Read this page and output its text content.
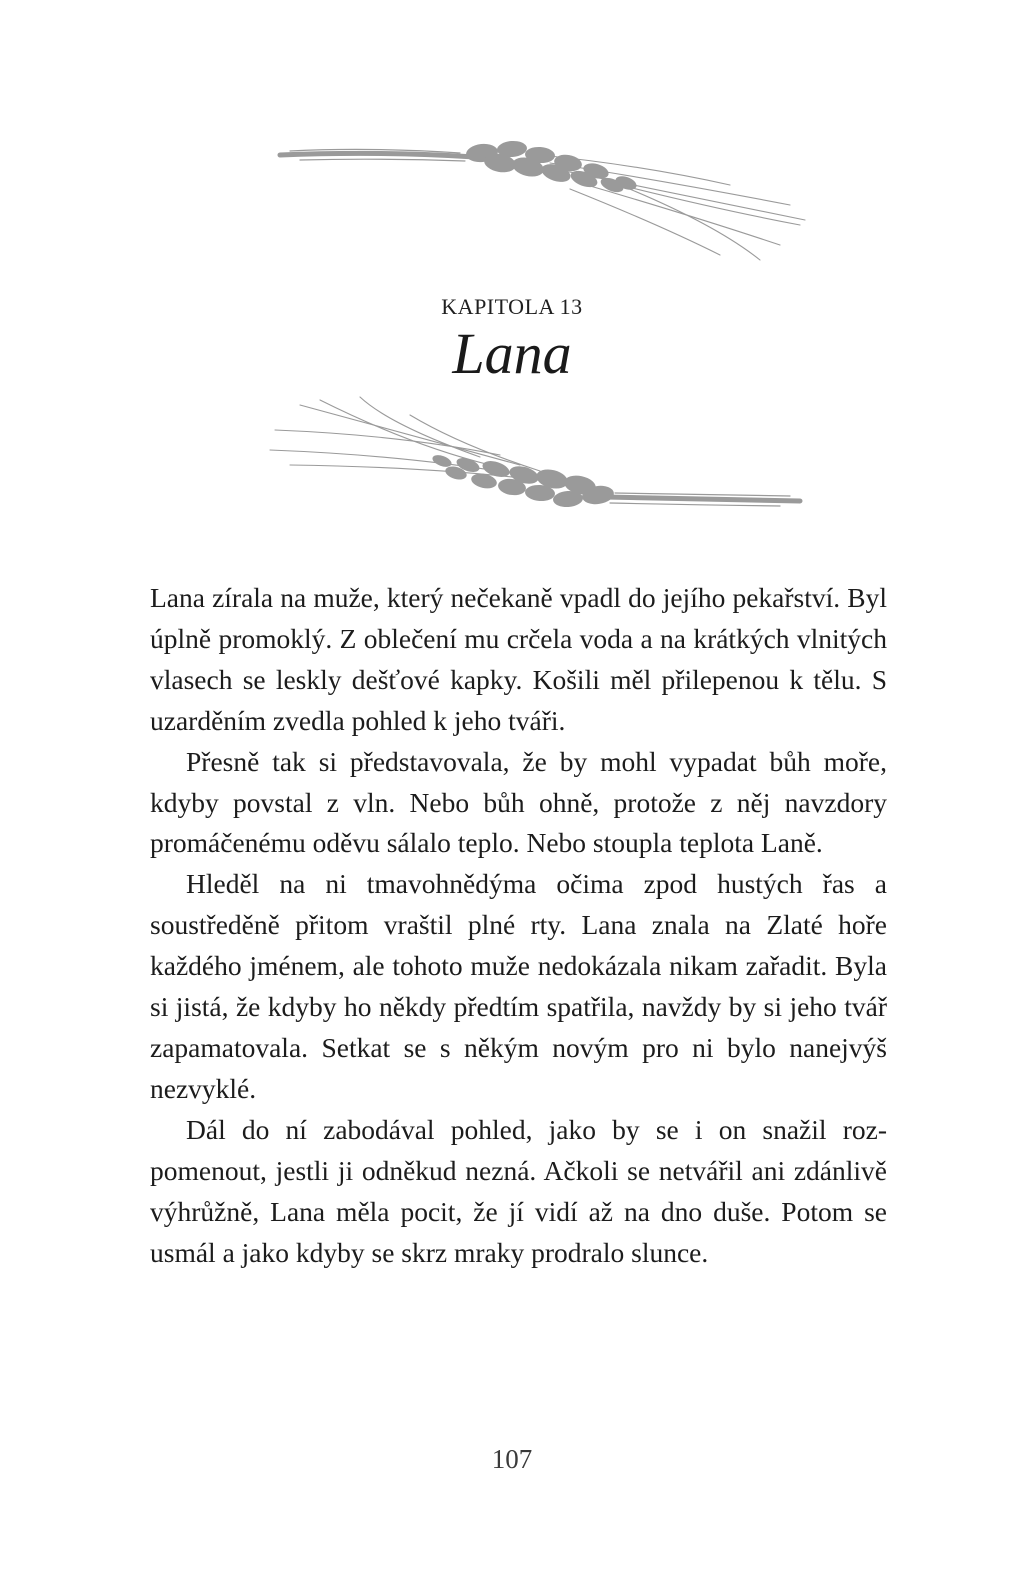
KAPITOLA 13
Lana

Lana zírala na muže, který nečekaně vpadl do jejího pekařství. Byl úplně promoklý. Z oblečení mu crčela voda a na krátkých vlnitých vlasech se leskly dešťové kapky. Košili měl přilepenou k tělu. S uzarděním zvedla pohled k jeho tváři.

Přesně tak si představovala, že by mohl vypadat bůh moře, kdyby povstal z vln. Nebo bůh ohně, protože z něj navzdory promáčenému oděvu sálalo teplo. Nebo stoupla teplota Laně.

Hleděl na ni tmavohnědýma očima zpod hustých řas a soustředěně přitom vraštil plné rty. Lana znala na Zlaté hoře každého jménem, ale tohoto muže nedokázala nikam zařadit. Byla si jistá, že kdyby ho někdy předtím spatřila, navždy by si jeho tvář zapamatovala. Setkat se s někým novým pro ni bylo nanejvýš nezvyklé.

Dál do ní zabodával pohled, jako by se i on snažil rozpomenout, jestli ji odněkud nezná. Ačkoli se netvářil ani zdánlivě výhrůžně, Lana měla pocit, že jí vidí až na dno duše. Potom se usmál a jako kdyby se skrz mraky prodralo slunce.

107
